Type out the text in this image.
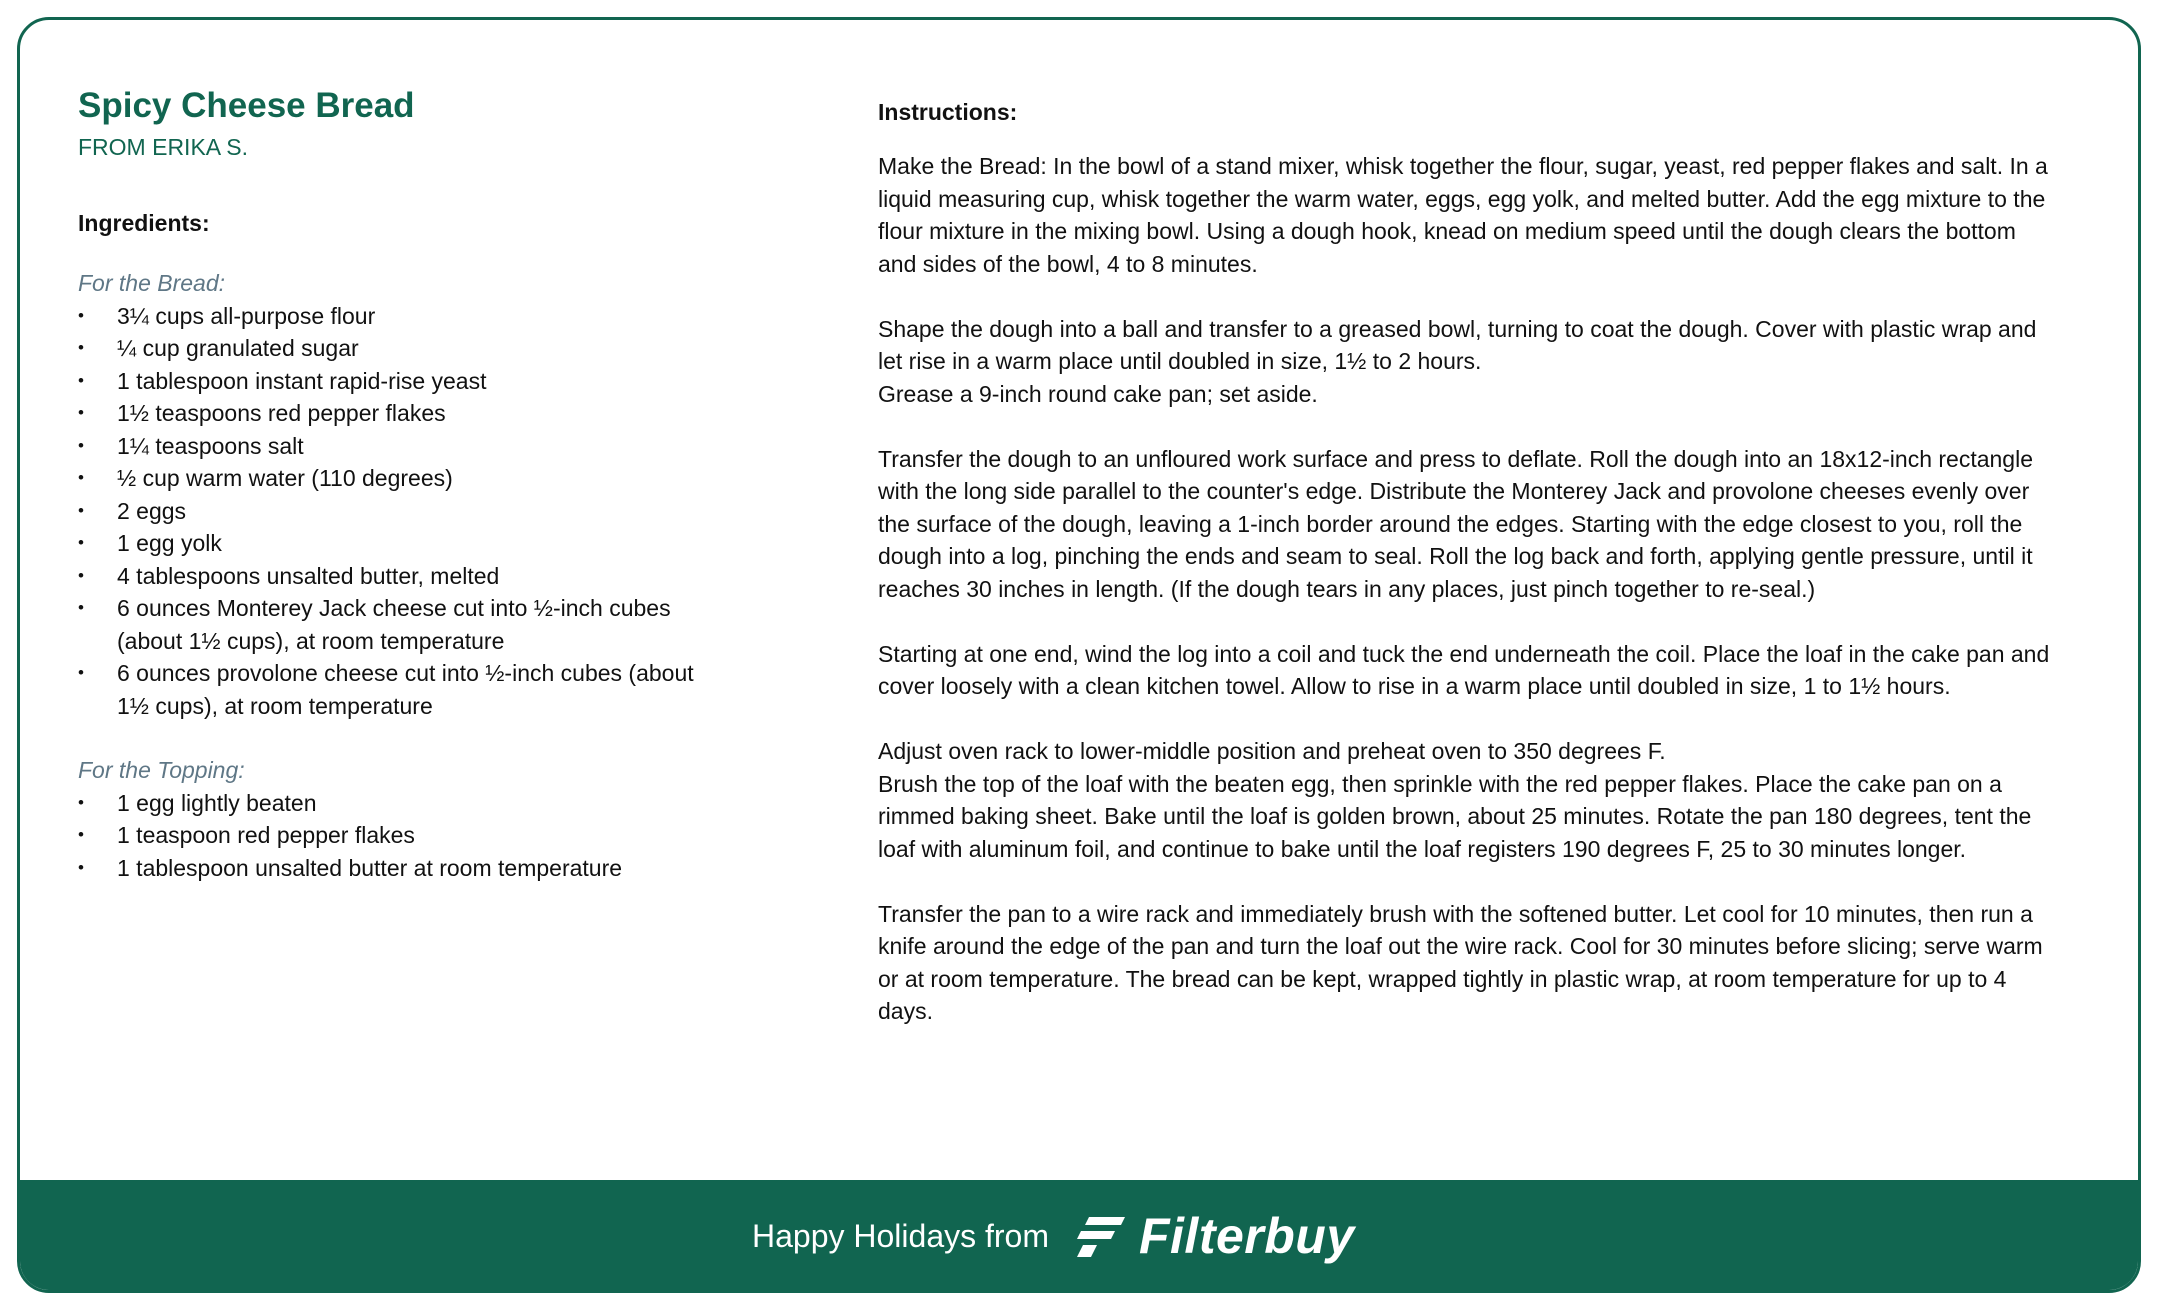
Spicy Cheese Bread
FROM ERIKA S.
Ingredients:
For the Bread:
•	3¼ cups all-purpose flour
•	¼ cup granulated sugar
•	1 tablespoon instant rapid-rise yeast
•	1½ teaspoons red pepper flakes
•	1¼ teaspoons salt
•	½ cup warm water (110 degrees)
•	2 eggs
•	1 egg yolk
•	4 tablespoons unsalted butter, melted
•	6 ounces Monterey Jack cheese cut into ½-inch cubes (about 1½ cups), at room temperature
•	6 ounces provolone cheese cut into ½-inch cubes (about 1½ cups), at room temperature
For the Topping:
•	1 egg lightly beaten
•	1 teaspoon red pepper flakes
•	1 tablespoon unsalted butter at room temperature
Instructions:

Make the Bread: In the bowl of a stand mixer, whisk together the flour, sugar, yeast, red pepper flakes and salt. In a liquid measuring cup, whisk together the warm water, eggs, egg yolk, and melted butter. Add the egg mixture to the flour mixture in the mixing bowl. Using a dough hook, knead on medium speed until the dough clears the bottom and sides of the bowl, 4 to 8 minutes.

Shape the dough into a ball and transfer to a greased bowl, turning to coat the dough. Cover with plastic wrap and let rise in a warm place until doubled in size, 1½ to 2 hours.

Grease a 9-inch round cake pan; set aside.

Transfer the dough to an unfloured work surface and press to deflate. Roll the dough into an 18x12-inch rectangle with the long side parallel to the counter's edge. Distribute the Monterey Jack and provolone cheeses evenly over the surface of the dough, leaving a 1-inch border around the edges. Starting with the edge closest to you, roll the dough into a log, pinching the ends and seam to seal. Roll the log back and forth, applying gentle pressure, until it reaches 30 inches in length. (If the dough tears in any places, just pinch together to re-seal.)

Starting at one end, wind the log into a coil and tuck the end underneath the coil. Place the loaf in the cake pan and cover loosely with a clean kitchen towel. Allow to rise in a warm place until doubled in size, 1 to 1½ hours.

Adjust oven rack to lower-middle position and preheat oven to 350 degrees F.

Brush the top of the loaf with the beaten egg, then sprinkle with the red pepper flakes. Place the cake pan on a rimmed baking sheet. Bake until the loaf is golden brown, about 25 minutes. Rotate the pan 180 degrees, tent the loaf with aluminum foil, and continue to bake until the loaf registers 190 degrees F, 25 to 30 minutes longer.

Transfer the pan to a wire rack and immediately brush with the softened butter. Let cool for 10 minutes, then run a knife around the edge of the pan and turn the loaf out the wire rack. Cool for 30 minutes before slicing; serve warm or at room temperature. The bread can be kept, wrapped tightly in plastic wrap, at room temperature for up to 4 days.

Happy Holidays from Filterbuy
